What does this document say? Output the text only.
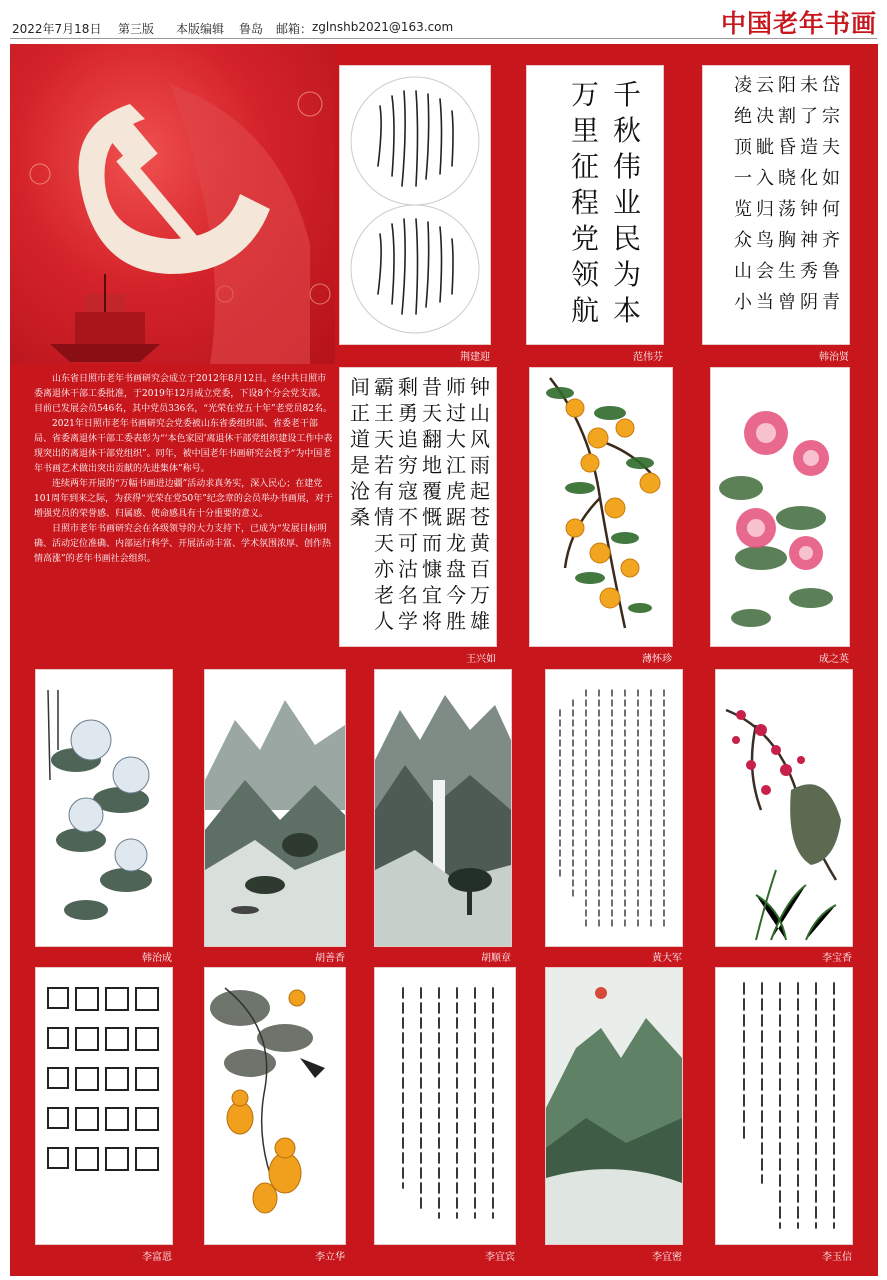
2022年7月18日 第三版 本版编辑 鲁岛 邮箱： zglnshb2021@163.com	中国老年书画

山东省日照市老年书画研究会成立于2012年8月12日。经中共日照市委离退休干部工委批准，于2019年12月成立党委，下设8个分会党支部。目前已发展会员546名，其中党员336名，“光荣在党五十年”老党员82名。

2021年日照市老年书画研究会党委被山东省委组织部、省委老干部局、省委离退休干部工委表彰为“‘本色家园’离退休干部党组织建设工作中表现突出的离退休干部党组织”。同年，被中国老年书画研究会授予“为中国老年书画艺术做出突出贡献的先进集体”称号。

连续两年开展的“万幅书画进边疆”活动求真务实，深入民心；在建党101周年到来之际，为获得“光荣在党50年”纪念章的会员举办书画展，对于增强党员的荣誉感、归属感、使命感具有十分重要的意义。

日照市老年书画研究会在各级领导的大力支持下，已成为“发展目标明确、活动定位准确、内部运行科学、开展活动丰富、学术氛围浓厚、创作热情高涨”的老年书画社会组织。

荆建迎
千
秋
伟
业
民
为
本
万
里
征
程
党
领
航
范伟芬
岱
宗
夫
如
何
齐
鲁
青
未
了
造
化
钟
神
秀
阴
阳
割
昏
晓
荡
胸
生
曾
云
决
眦
入
归
鸟
会
当
凌
绝
顶
一
览
众
山
小
韩治贤
钟
山
风
雨
起
苍
黄
百
万
雄
师
过
大
江
虎
踞
龙
盘
今
胜
昔
天
翻
地
覆
慨
而
慷
宜
将
剩
勇
追
穷
寇
不
可
沽
名
学
霸
王
天
若
有
情
天
亦
老
人
间
正
道
是
沧
桑
王兴如	薄怀珍	成之英
韩治成	胡善香	胡顺章	黄大军	李宝香
李富恩	李立华	李宜宾	李宜密	李玉信
